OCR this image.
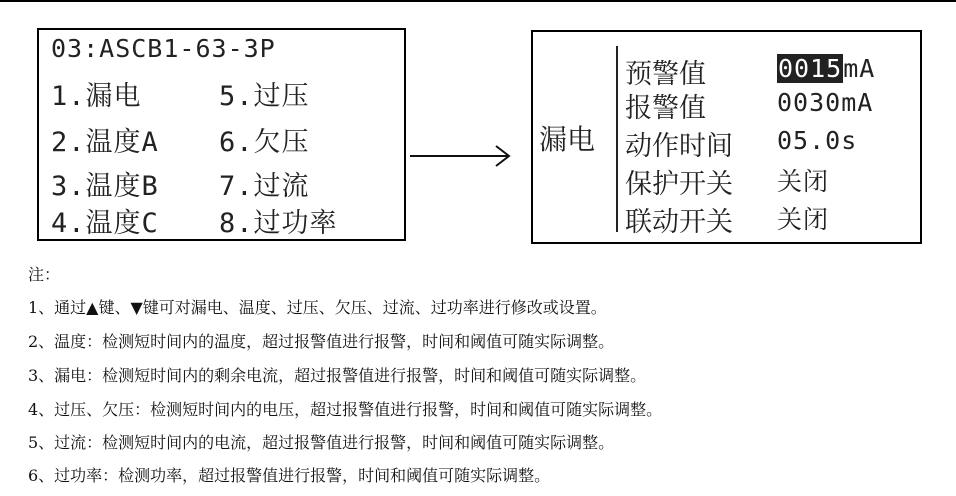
03:ASCB1-63-3P
1.漏电
2.温度A
3.温度B
4.温度C
5.过压
6.欠压
7.过流
8.过功率
漏电
预警值	0015mA
报警值	0030mA
动作时间 05.0s
保护开关 关闭
联动开关 关闭
注：
1、通过▲键、▼键可对漏电、温度、过压、欠压、过流、过功率进行修改或设置。
2、温度：检测短时间内的温度，超过报警值进行报警，时间和阈值可随实际调整。
3、漏电：检测短时间内的剩余电流，超过报警值进行报警，时间和阈值可随实际调整。
4、过压、欠压：检测短时间内的电压，超过报警值进行报警，时间和阈值可随实际调整。
5、过流：检测短时间内的电流，超过报警值进行报警，时间和阈值可随实际调整。
6、过功率：检测功率，超过报警值进行报警，时间和阈值可随实际调整。
